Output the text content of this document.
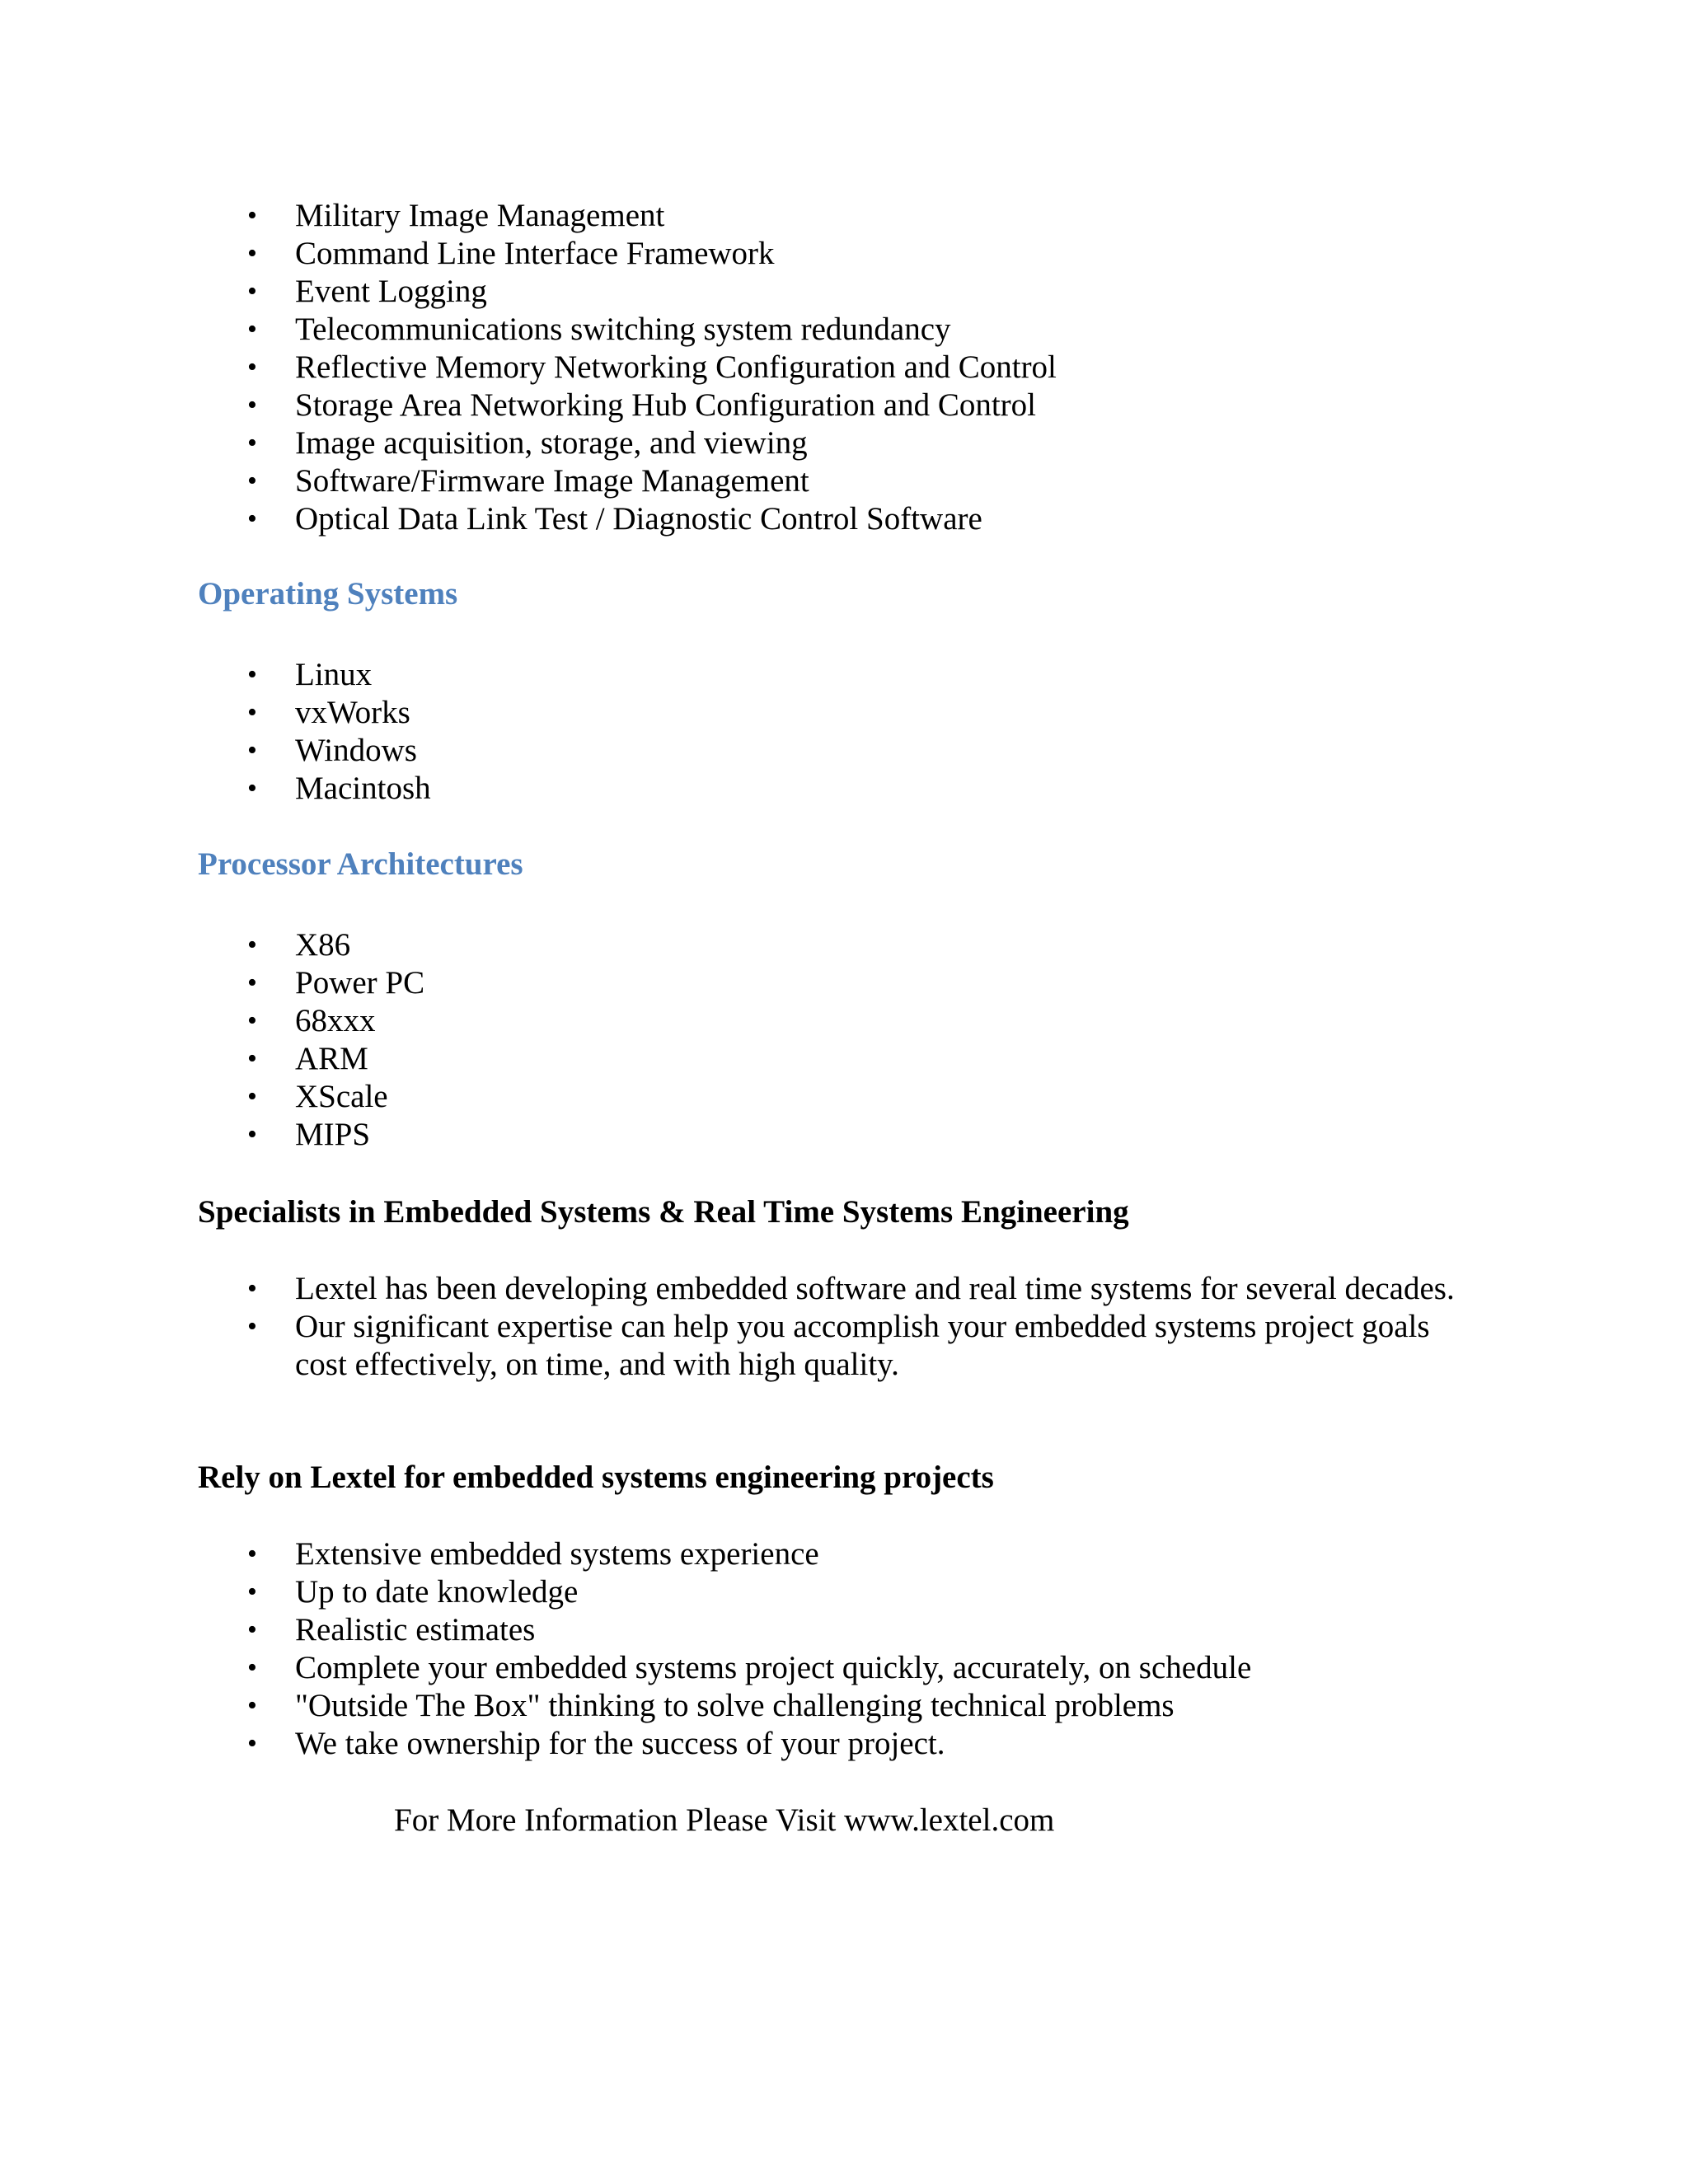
• Military Image Management
• Command Line Interface Framework
• Event Logging
• Telecommunications switching system redundancy
• Reflective Memory Networking Configuration and Control
• Storage Area Networking Hub Configuration and Control
• Image acquisition, storage, and viewing
• Software/Firmware Image Management
• Optical Data Link Test / Diagnostic Control Software
Operating Systems
• Linux
• vxWorks
• Windows
• Macintosh
Processor Architectures
• X86
• Power PC
• 68xxx
• ARM
• XScale
• MIPS
Specialists in Embedded Systems & Real Time Systems Engineering
• Lextel has been developing embedded software and real time systems for several decades.
• Our significant expertise can help you accomplish your embedded systems project goals cost effectively, on time, and with high quality.
Rely on Lextel for embedded systems engineering projects
• Extensive embedded systems experience
• Up to date knowledge
• Realistic estimates
• Complete your embedded systems project quickly, accurately, on schedule
• "Outside The Box" thinking to solve challenging technical problems
• We take ownership for the success of your project.
For More Information Please Visit www.lextel.com
